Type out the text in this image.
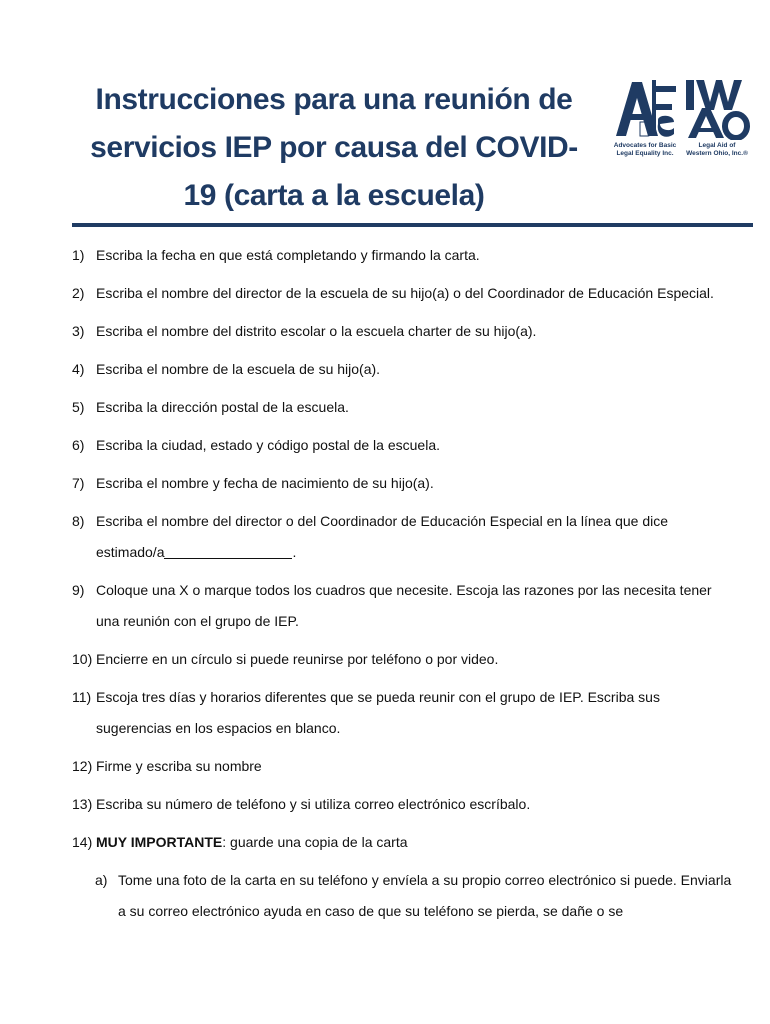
Instrucciones para una reunión de
servicios IEP por causa del COVID-
19 (carta a la escuela)
Advocates for Basic
Legal Equality Inc.
Legal Aid of
Western Ohio, Inc.®
1) Escriba la fecha en que está completando y firmando la carta.
2) Escriba el nombre del director de la escuela de su hijo(a) o del Coordinador de Educación Especial.
3) Escriba el nombre del distrito escolar o la escuela charter de su hijo(a).
4) Escriba el nombre de la escuela de su hijo(a).
5) Escriba la dirección postal de la escuela.
6) Escriba la ciudad, estado y código postal de la escuela.
7) Escriba el nombre y fecha de nacimiento de su hijo(a).
8) Escriba el nombre del director o del Coordinador de Educación Especial en la línea que dice estimado/a	.
9) Coloque una X o marque todos los cuadros que necesite. Escoja las razones por las necesita tener una reunión con el grupo de IEP.
10) Encierre en un círculo si puede reunirse por teléfono o por video.
11) Escoja tres días y horarios diferentes que se pueda reunir con el grupo de IEP. Escriba sus sugerencias en los espacios en blanco.
12) Firme y escriba su nombre
13) Escriba su número de teléfono y si utiliza correo electrónico escríbalo.
14) MUY IMPORTANTE: guarde una copia de la carta
a) Tome una foto de la carta en su teléfono y envíela a su propio correo electrónico si puede. Enviarla a su correo electrónico ayuda en caso de que su teléfono se pierda, se dañe o se
